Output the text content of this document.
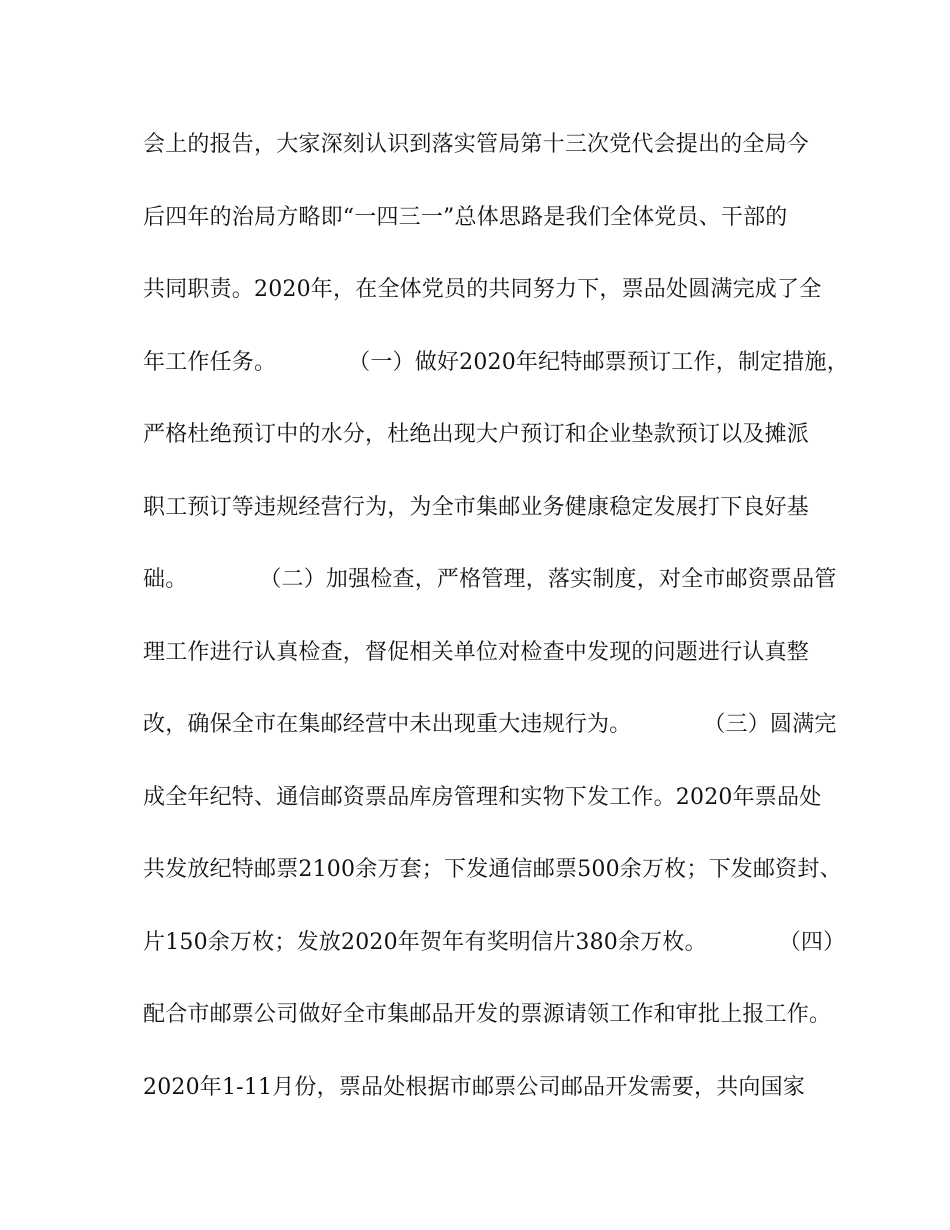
会上的报告，大家深刻认识到落实管局第十三次党代会提出的全局今
后四年的治局方略即“一四三一”总体思路是我们全体党员、干部的
共同职责。2020年，在全体党员的共同努力下，票品处圆满完成了全
年工作任务。          （一）做好2020年纪特邮票预订工作，制定措施，
严格杜绝预订中的水分，杜绝出现大户预订和企业垫款预订以及摊派
职工预订等违规经营行为，为全市集邮业务健康稳定发展打下良好基
础。          （二）加强检查，严格管理，落实制度，对全市邮资票品管
理工作进行认真检查，督促相关单位对检查中发现的问题进行认真整
改，确保全市在集邮经营中未出现重大违规行为。          （三）圆满完
成全年纪特、通信邮资票品库房管理和实物下发工作。2020年票品处
共发放纪特邮票2100余万套；下发通信邮票500余万枚；下发邮资封、
片150余万枚；发放2020年贺年有奖明信片380余万枚。          （四）
配合市邮票公司做好全市集邮品开发的票源请领工作和审批上报工作。
2020年1-11月份，票品处根据市邮票公司邮品开发需要，共向国家
